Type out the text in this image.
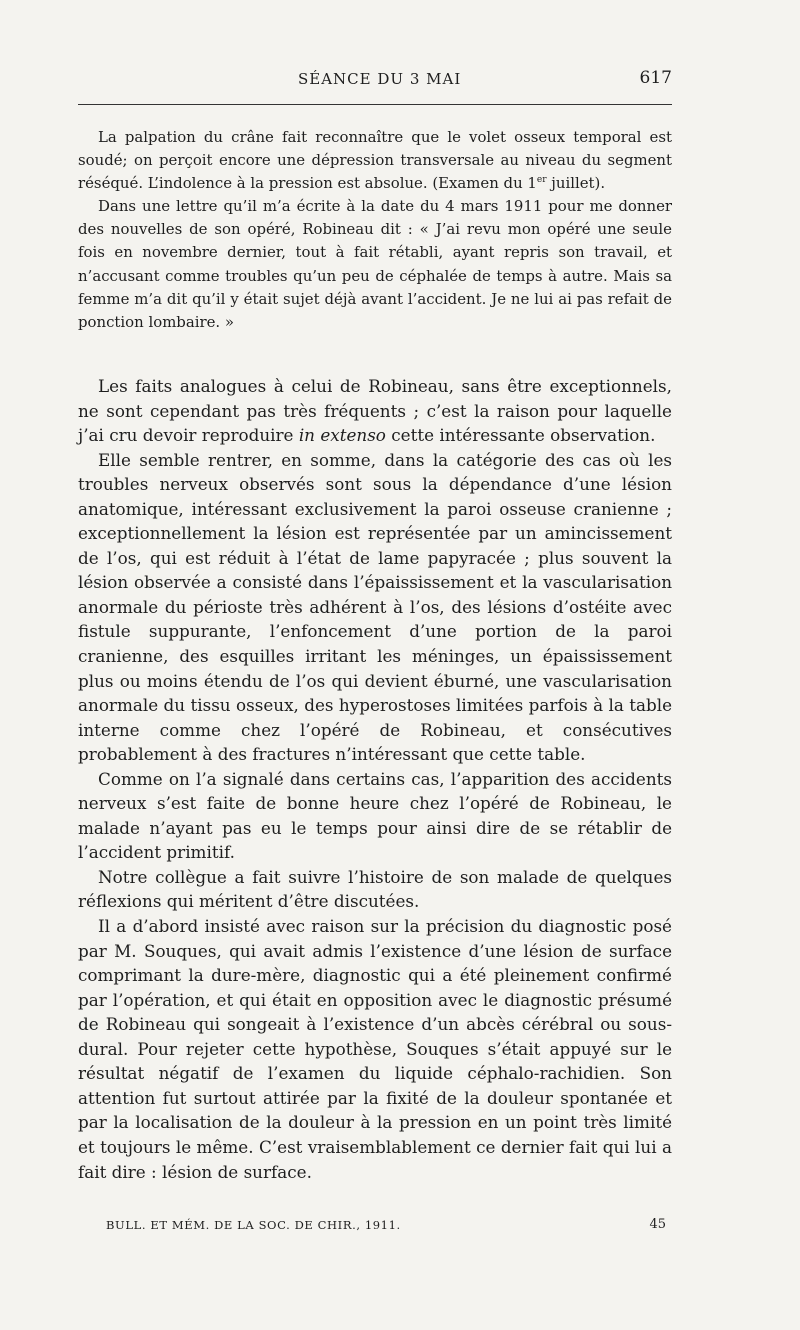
SÉANCE DU 3 MAI	617

La palpation du crâne fait reconnaître que le volet osseux temporal est soudé; on perçoit encore une dépression transversale au niveau du segment réséqué. L’indolence à la pression est absolue. (Examen du 1er juillet).

Dans une lettre qu’il m’a écrite à la date du 4 mars 1911 pour me donner des nouvelles de son opéré, Robineau dit : « J’ai revu mon opéré une seule fois en novembre dernier, tout à fait rétabli, ayant repris son travail, et n’accusant comme troubles qu’un peu de céphalée de temps à autre. Mais sa femme m’a dit qu’il y était sujet déjà avant l’accident. Je ne lui ai pas refait de ponction lombaire. »

Les faits analogues à celui de Robineau, sans être exceptionnels, ne sont cependant pas très fréquents ; c’est la raison pour laquelle j’ai cru devoir reproduire in extenso cette intéressante observation.

Elle semble rentrer, en somme, dans la catégorie des cas où les troubles nerveux observés sont sous la dépendance d’une lésion anatomique, intéressant exclusivement la paroi osseuse cranienne ; exceptionnellement la lésion est représentée par un amincissement de l’os, qui est réduit à l’état de lame papyracée ; plus souvent la lésion observée a consisté dans l’épaississement et la vascularisation anormale du périoste très adhérent à l’os, des lésions d’ostéite avec fistule suppurante, l’enfoncement d’une portion de la paroi cranienne, des esquilles irritant les méninges, un épaississement plus ou moins étendu de l’os qui devient éburné, une vascularisation anormale du tissu osseux, des hyperostoses limitées parfois à la table interne comme chez l’opéré de Robineau, et consécutives probablement à des fractures n’intéressant que cette table.

Comme on l’a signalé dans certains cas, l’apparition des accidents nerveux s’est faite de bonne heure chez l’opéré de Robineau, le malade n’ayant pas eu le temps pour ainsi dire de se rétablir de l’accident primitif.

Notre collègue a fait suivre l’histoire de son malade de quelques réflexions qui méritent d’être discutées.

Il a d’abord insisté avec raison sur la précision du diagnostic posé par M. Souques, qui avait admis l’existence d’une lésion de surface comprimant la dure-mère, diagnostic qui a été pleinement confirmé par l’opération, et qui était en opposition avec le diagnostic présumé de Robineau qui songeait à l’existence d’un abcès cérébral ou sous-dural. Pour rejeter cette hypothèse, Souques s’était appuyé sur le résultat négatif de l’examen du liquide céphalo-rachidien. Son attention fut surtout attirée par la fixité de la douleur spontanée et par la localisation de la douleur à la pression en un point très limité et toujours le même. C’est vraisemblablement ce dernier fait qui lui a fait dire : lésion de surface.

BULL. ET MÉM. DE LA SOC. DE CHIR., 1911.	45
